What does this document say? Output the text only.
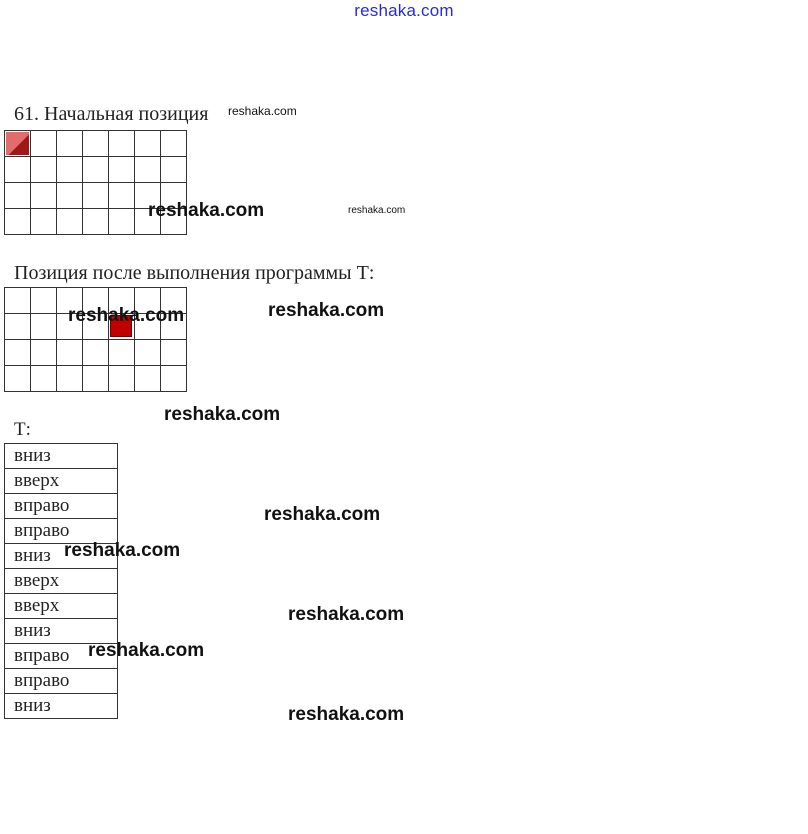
reshaka.com
61. Начальная позиция
Позиция после выполнения программы Т:
Т:
вниз
вверх
вправо
вправо
вниз
вверх
вверх
вниз
вправо
вправо
вниз
reshaka.com
reshaka.com	reshaka.com
reshaka.com
reshaka.com
reshaka.com
reshaka.com
reshaka.com
reshaka.com
reshaka.com
reshaka.com
